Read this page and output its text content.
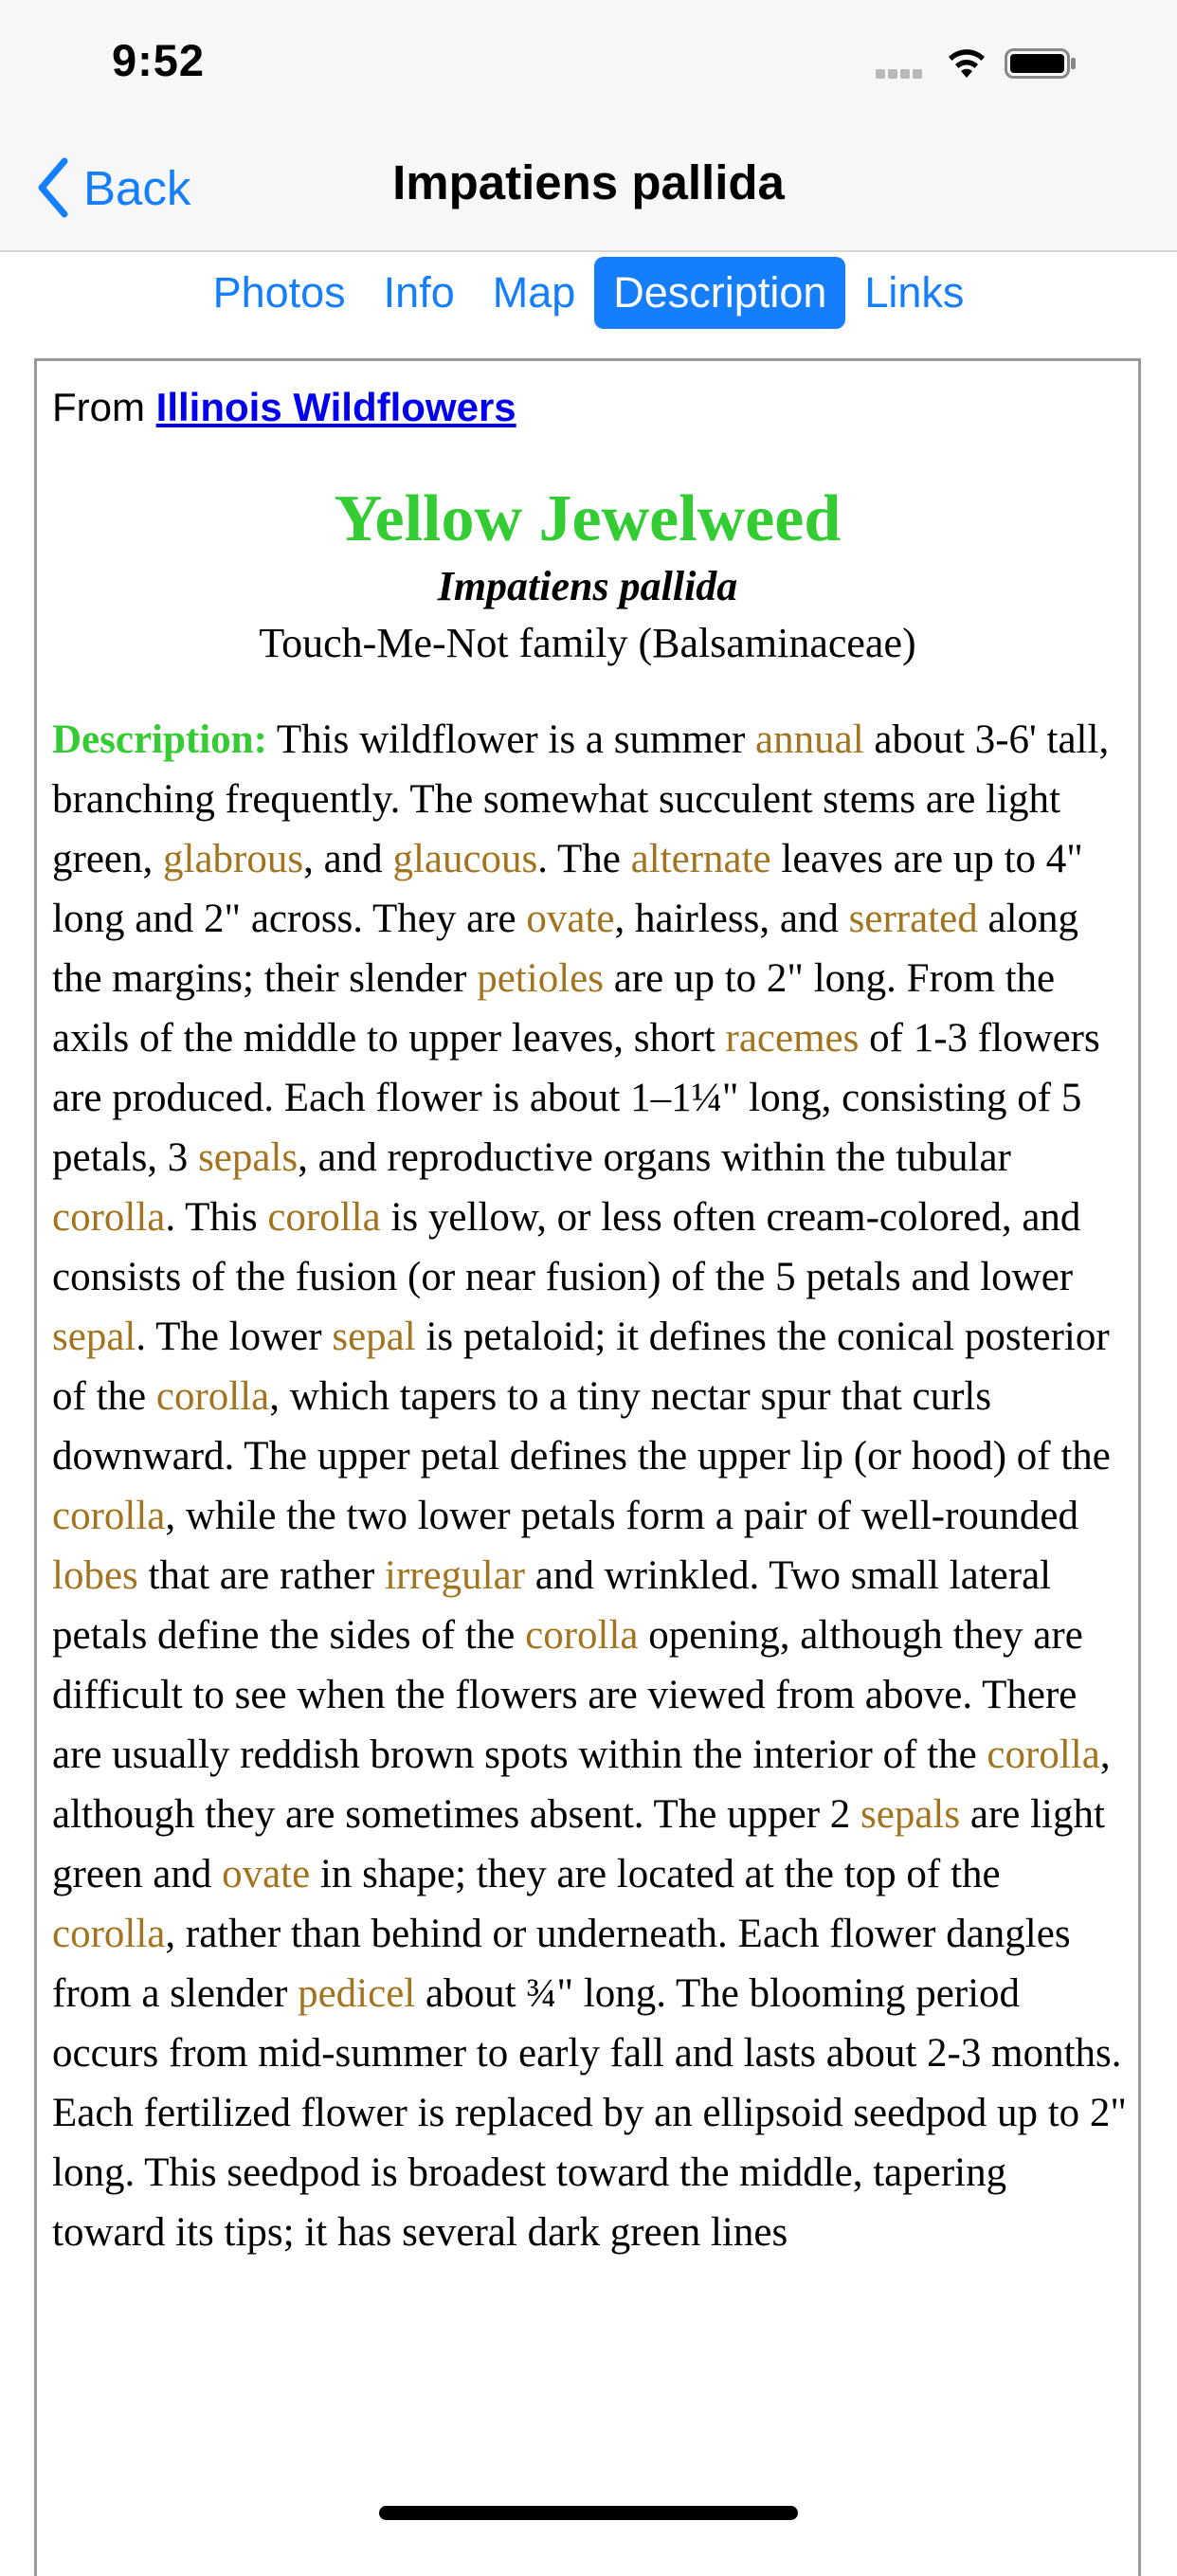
9:52
Back	Impatiens pallida
Photos Info Map Description Links
From Illinois Wildflowers
Yellow Jewelweed
Impatiens pallida
Touch-Me-Not family (Balsaminaceae)
Description: This wildflower is a summer annual about 3-6' tall, branching frequently. The somewhat succulent stems are light green, glabrous, and glaucous. The alternate leaves are up to 4" long and 2" across. They are ovate, hairless, and serrated along the margins; their slender petioles are up to 2" long. From the axils of the middle to upper leaves, short racemes of 1-3 flowers are produced. Each flower is about 1–1¼" long, consisting of 5 petals, 3 sepals, and reproductive organs within the tubular corolla. This corolla is yellow, or less often cream-colored, and consists of the fusion (or near fusion) of the 5 petals and lower sepal. The lower sepal is petaloid; it defines the conical posterior of the corolla, which tapers to a tiny nectar spur that curls downward. The upper petal defines the upper lip (or hood) of the corolla, while the two lower petals form a pair of well-rounded lobes that are rather irregular and wrinkled. Two small lateral petals define the sides of the corolla opening, although they are difficult to see when the flowers are viewed from above. There are usually reddish brown spots within the interior of the corolla, although they are sometimes absent. The upper 2 sepals are light green and ovate in shape; they are located at the top of the corolla, rather than behind or underneath. Each flower dangles from a slender pedicel about ¾" long. The blooming period occurs from mid-summer to early fall and lasts about 2-3 months. Each fertilized flower is replaced by an ellipsoid seedpod up to 2" long. This seedpod is broadest toward the middle, tapering toward its tips; it has several dark green lines
